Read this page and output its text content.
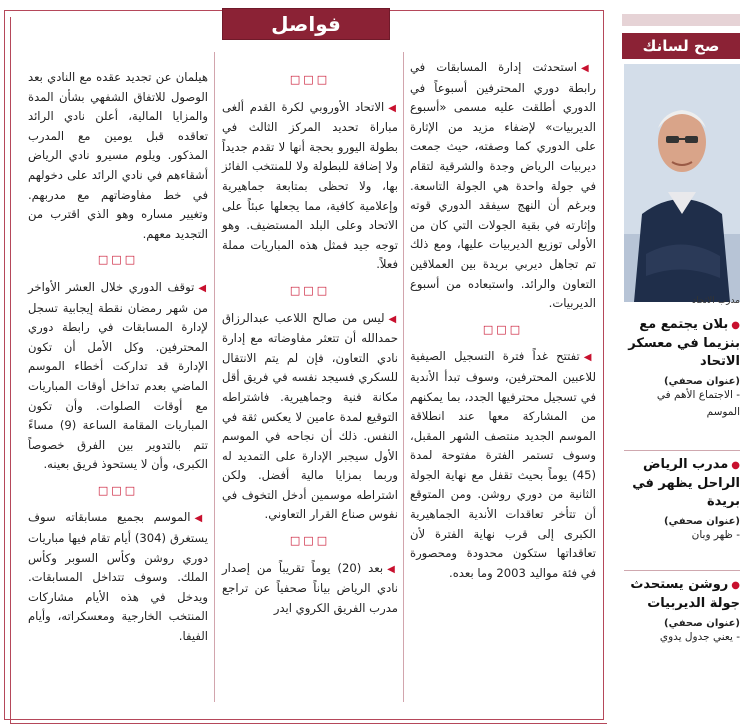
فواصل

◀استحدثت إدارة المسابقات في رابطة دوري المحترفين أسبوعاً في الدوري أطلقت عليه مسمى «أسبوع الديربيات» لإضفاء مزيد من الإثارة على الدوري كما وصفته، حيث جمعت ديربيات الرياض وجدة والشرقية لتقام في جولة واحدة هي الجولة التاسعة. وبرغم أن النهج سيفقد الدوري قوته وإثارته في بقية الجولات التي كان من الأولى توزيع الديربيات عليها، ومع ذلك تم تجاهل ديربي بريدة بين العملاقين التعاون والرائد. واستبعاده من أسبوع الديربيات.

□□□

◀تفتتح غداً فترة التسجيل الصيفية للاعبين المحترفين، وسوف تبدأ الأندية في تسجيل محترفيها الجدد، بما يمكنهم من المشاركة معها عند انطلاقة الموسم الجديد منتصف الشهر المقبل، وسوف تستمر الفترة مفتوحة لمدة (45) يوماً بحيث تقفل مع نهاية الجولة الثانية من دوري روشن. ومن المتوقع أن تتأخر تعاقدات الأندية الجماهيرية الكبرى إلى قرب نهاية الفترة لأن تعاقداتها ستكون محدودة ومحصورة في فئة مواليد 2003 وما بعده.

□□□

◀الاتحاد الأوروبي لكرة القدم ألغى مباراة تحديد المركز الثالث في بطولة اليورو بحجة أنها لا تقدم جديداً ولا إضافة للبطولة ولا للمنتخب الفائز بها، ولا تحظى بمتابعة جماهيرية وإعلامية كافية، مما يجعلها عبئاً على الاتحاد وعلى البلد المستضيف. وهو توجه جيد فمثل هذه المباريات مملة فعلاً.

□□□

◀ليس من صالح اللاعب عبدالرزاق حمدالله أن تتعثر مفاوضاته مع إدارة نادي التعاون، فإن لم يتم الانتقال للسكري فسيجد نفسه في فريق أقل مكانة فنية وجماهيرية. فاشتراطه التوقيع لمدة عامين لا يعكس ثقة في النفس. ذلك أن نجاحه في الموسم الأول سيجبر الإدارة على التمديد له وربما بمزايا مالية أفضل. ولكن اشتراطه موسمين أدخل التخوف في نفوس صناع القرار التعاوني.

□□□

◀بعد (20) يوماً تقريباً من إصدار نادي الرياض بياناً صحفياً عن تراجع مدرب الفريق الكروي ايدر

هيلمان عن تجديد عقده مع النادي بعد الوصول للاتفاق الشفهي بشأن المدة والمزايا المالية، أعلن نادي الرائد تعاقده قبل يومين مع المدرب المذكور. ويلوم مسيرو نادي الرياض أشقاءهم في نادي الرائد على دخولهم في خط مفاوضاتهم مع مدربهم. وتغيير مساره وهو الذي اقترب من التجديد معهم.

□□□

◀توقف الدوري خلال العشر الأواخر من شهر رمضان نقطة إيجابية تسجل لإدارة المسابقات في رابطة دوري المحترفين. وكل الأمل أن تكون الإدارة قد تداركت أخطاء الموسم الماضي بعدم تداخل أوقات المباريات مع أوقات الصلوات. وأن تكون المباريات المقامة الساعة (9) مساءً تتم بالتدوير بين الفرق خصوصاً الكبرى، وأن لا يستحوذ فريق بعينه.

□□□

◀الموسم بجميع مسابقاته سوف يستغرق (304) أيام تقام فيها مباريات دوري روشن وكأس السوبر وكأس الملك. وسوف تتداخل المسابقات. ويدخل في هذه الأيام مشاركات المنتخب الخارجية ومعسكراته، وأيام الفيفا.

صح لسانك
مدرب الاتحاد
●بلان يجتمع مع بنزيما في معسكر الاتحاد
(عنوان صحفي)
- الاجتماع الأهم في الموسم
●مدرب الرياض الراحل يظهر في بريدة
(عنوان صحفي)
- ظهر وبان
●روشن يستحدث جولة الديربيات
(عنوان صحفي)
- يعني جدول يدوي
